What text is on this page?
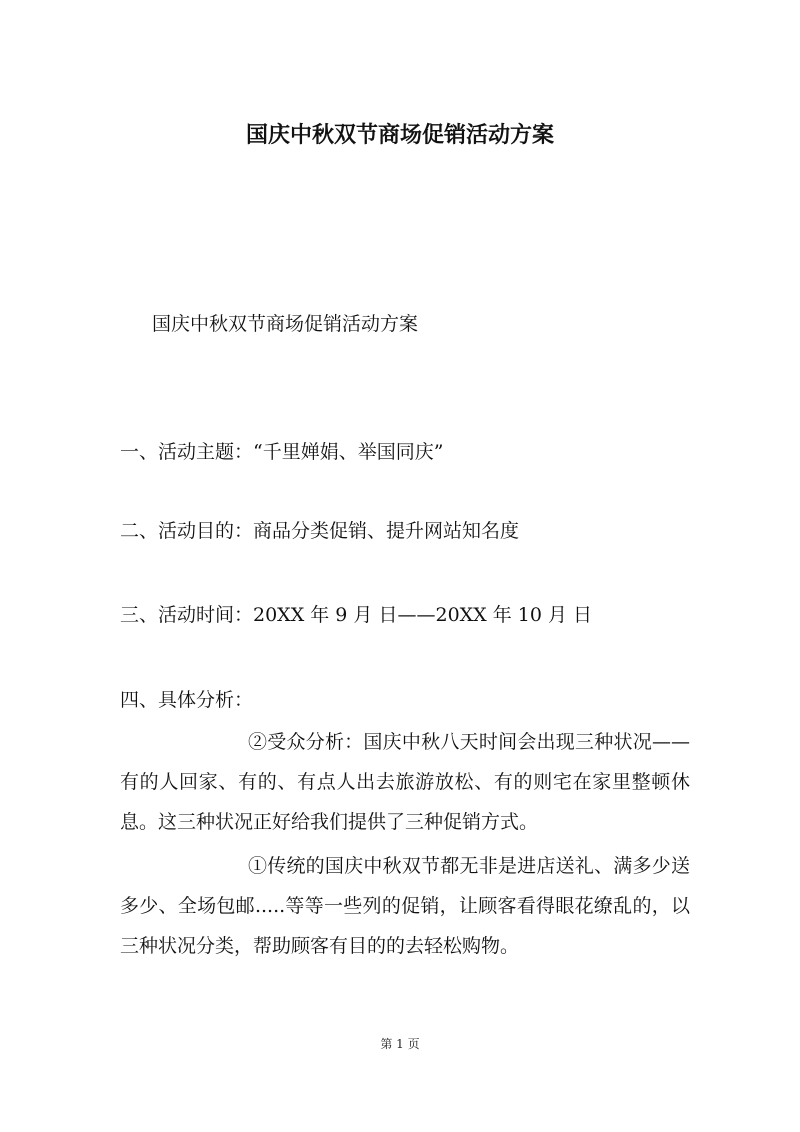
国庆中秋双节商场促销活动方案
国庆中秋双节商场促销活动方案
一、活动主题：“千里婵娟、举国同庆”
二、活动目的：商品分类促销、提升网站知名度
三、活动时间：20XX 年 9 月 日——20XX 年 10 月 日
四、具体分析：
②受众分析：国庆中秋八天时间会出现三种状况——有的人回家、有的、有点人出去旅游放松、有的则宅在家里整顿休息。这三种状况正好给我们提供了三种促销方式。
①传统的国庆中秋双节都无非是进店送礼、满多少送多少、全场包邮.....等等一些列的促销，让顾客看得眼花缭乱的，以三种状况分类，帮助顾客有目的的去轻松购物。
第 1 页
